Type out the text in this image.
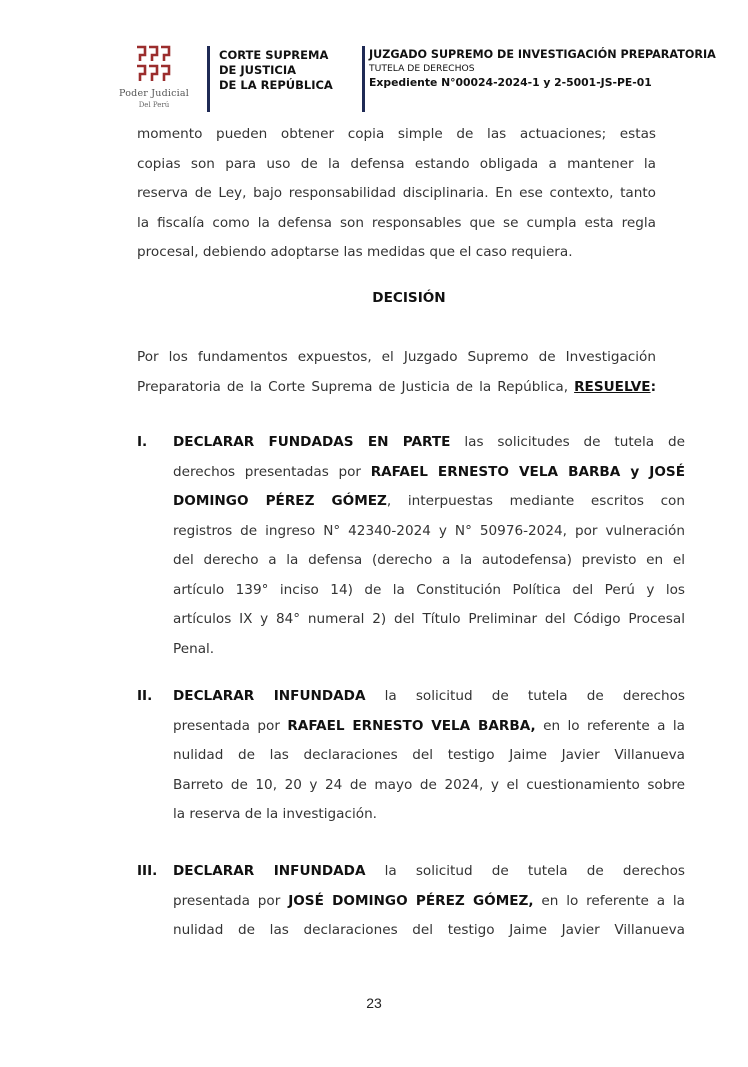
Poder Judicial
Del Perú
CORTE SUPREMA
DE JUSTICIA
DE LA REPÚBLICA
JUZGADO SUPREMO DE INVESTIGACIÓN PREPARATORIA
TUTELA DE DERECHOS
Expediente N°00024-2024-1 y 2-5001-JS-PE-01
momento pueden obtener copia simple de las actuaciones; estas
copias son para uso de la defensa estando obligada a mantener la
reserva de Ley, bajo responsabilidad disciplinaria. En ese contexto, tanto
la fiscalía como la defensa son responsables que se cumpla esta regla
procesal, debiendo adoptarse las medidas que el caso requiera.
DECISIÓN
Por los fundamentos expuestos, el Juzgado Supremo de Investigación
Preparatoria de la Corte Suprema de Justicia de la República, RESUELVE:
I. DECLARAR FUNDADAS EN PARTE las solicitudes de tutela de
derechos presentadas por RAFAEL ERNESTO VELA BARBA y JOSÉ
DOMINGO PÉREZ GÓMEZ, interpuestas mediante escritos con
registros de ingreso N° 42340-2024 y N° 50976-2024, por vulneración
del derecho a la defensa (derecho a la autodefensa) previsto en el
artículo 139° inciso 14) de la Constitución Política del Perú y los
artículos IX y 84° numeral 2) del Título Preliminar del Código Procesal
Penal.
II. DECLARAR INFUNDADA la solicitud de tutela de derechos
presentada por RAFAEL ERNESTO VELA BARBA, en lo referente a la
nulidad de las declaraciones del testigo Jaime Javier Villanueva
Barreto de 10, 20 y 24 de mayo de 2024, y el cuestionamiento sobre
la reserva de la investigación.
III. DECLARAR INFUNDADA la solicitud de tutela de derechos
presentada por JOSÉ DOMINGO PÉREZ GÓMEZ, en lo referente a la
nulidad de las declaraciones del testigo Jaime Javier Villanueva
23
